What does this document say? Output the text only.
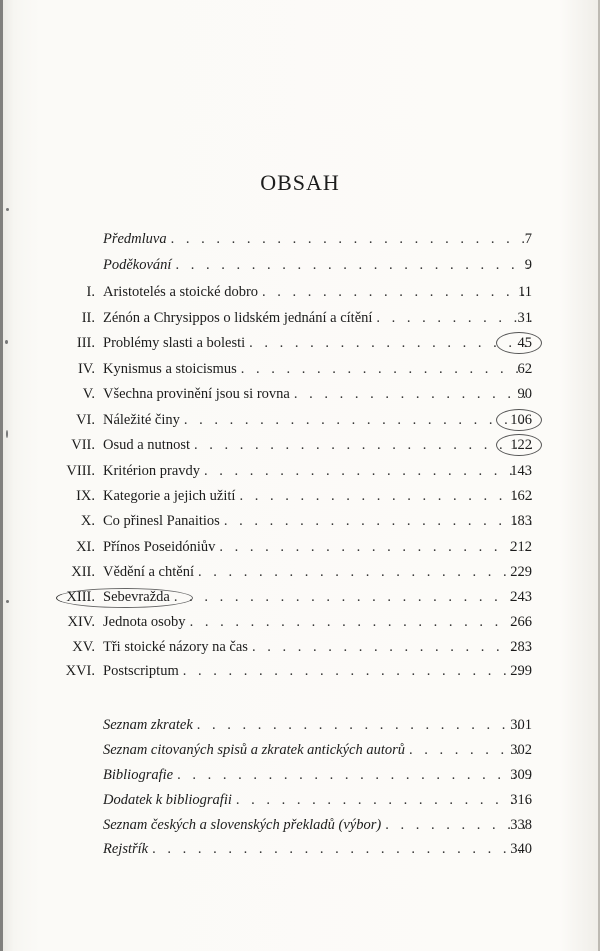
OBSAH
Předmluva . . .	7
Poděkování . . .	9
I. Aristotelés a stoické dobro . . .	11
II. Zénón a Chrysippos o lidském jednání a cítění . . .	31
III. Problémy slasti a bolesti . . .	45
IV. Kynismus a stoicismus . . .	62
V. Všechna provinění jsou si rovna . . .	90
VI. Náležité činy . . .	106
VII. Osud a nutnost . . .	122
VIII. Kritérion pravdy . . .	143
IX. Kategorie a jejich užití . . .	162
X. Co přinesl Panaitios . . .	183
XI. Přínos Poseidóniův . . .	212
XII. Vědění a chtění . . .	229
XIII. Sebevražda . . .	243
XIV. Jednota osoby . . .	266
XV. Tři stoické názory na čas . . .	283
XVI. Postscriptum . . .	299
Seznam zkratek . . .	301
Seznam citovaných spisů a zkratek antických autorů . . .	302
Bibliografie . . .	309
Dodatek k bibliografii . . .	316
Seznam českých a slovenských překladů (výbor) . . .	338
Rejstřík . . .	340
